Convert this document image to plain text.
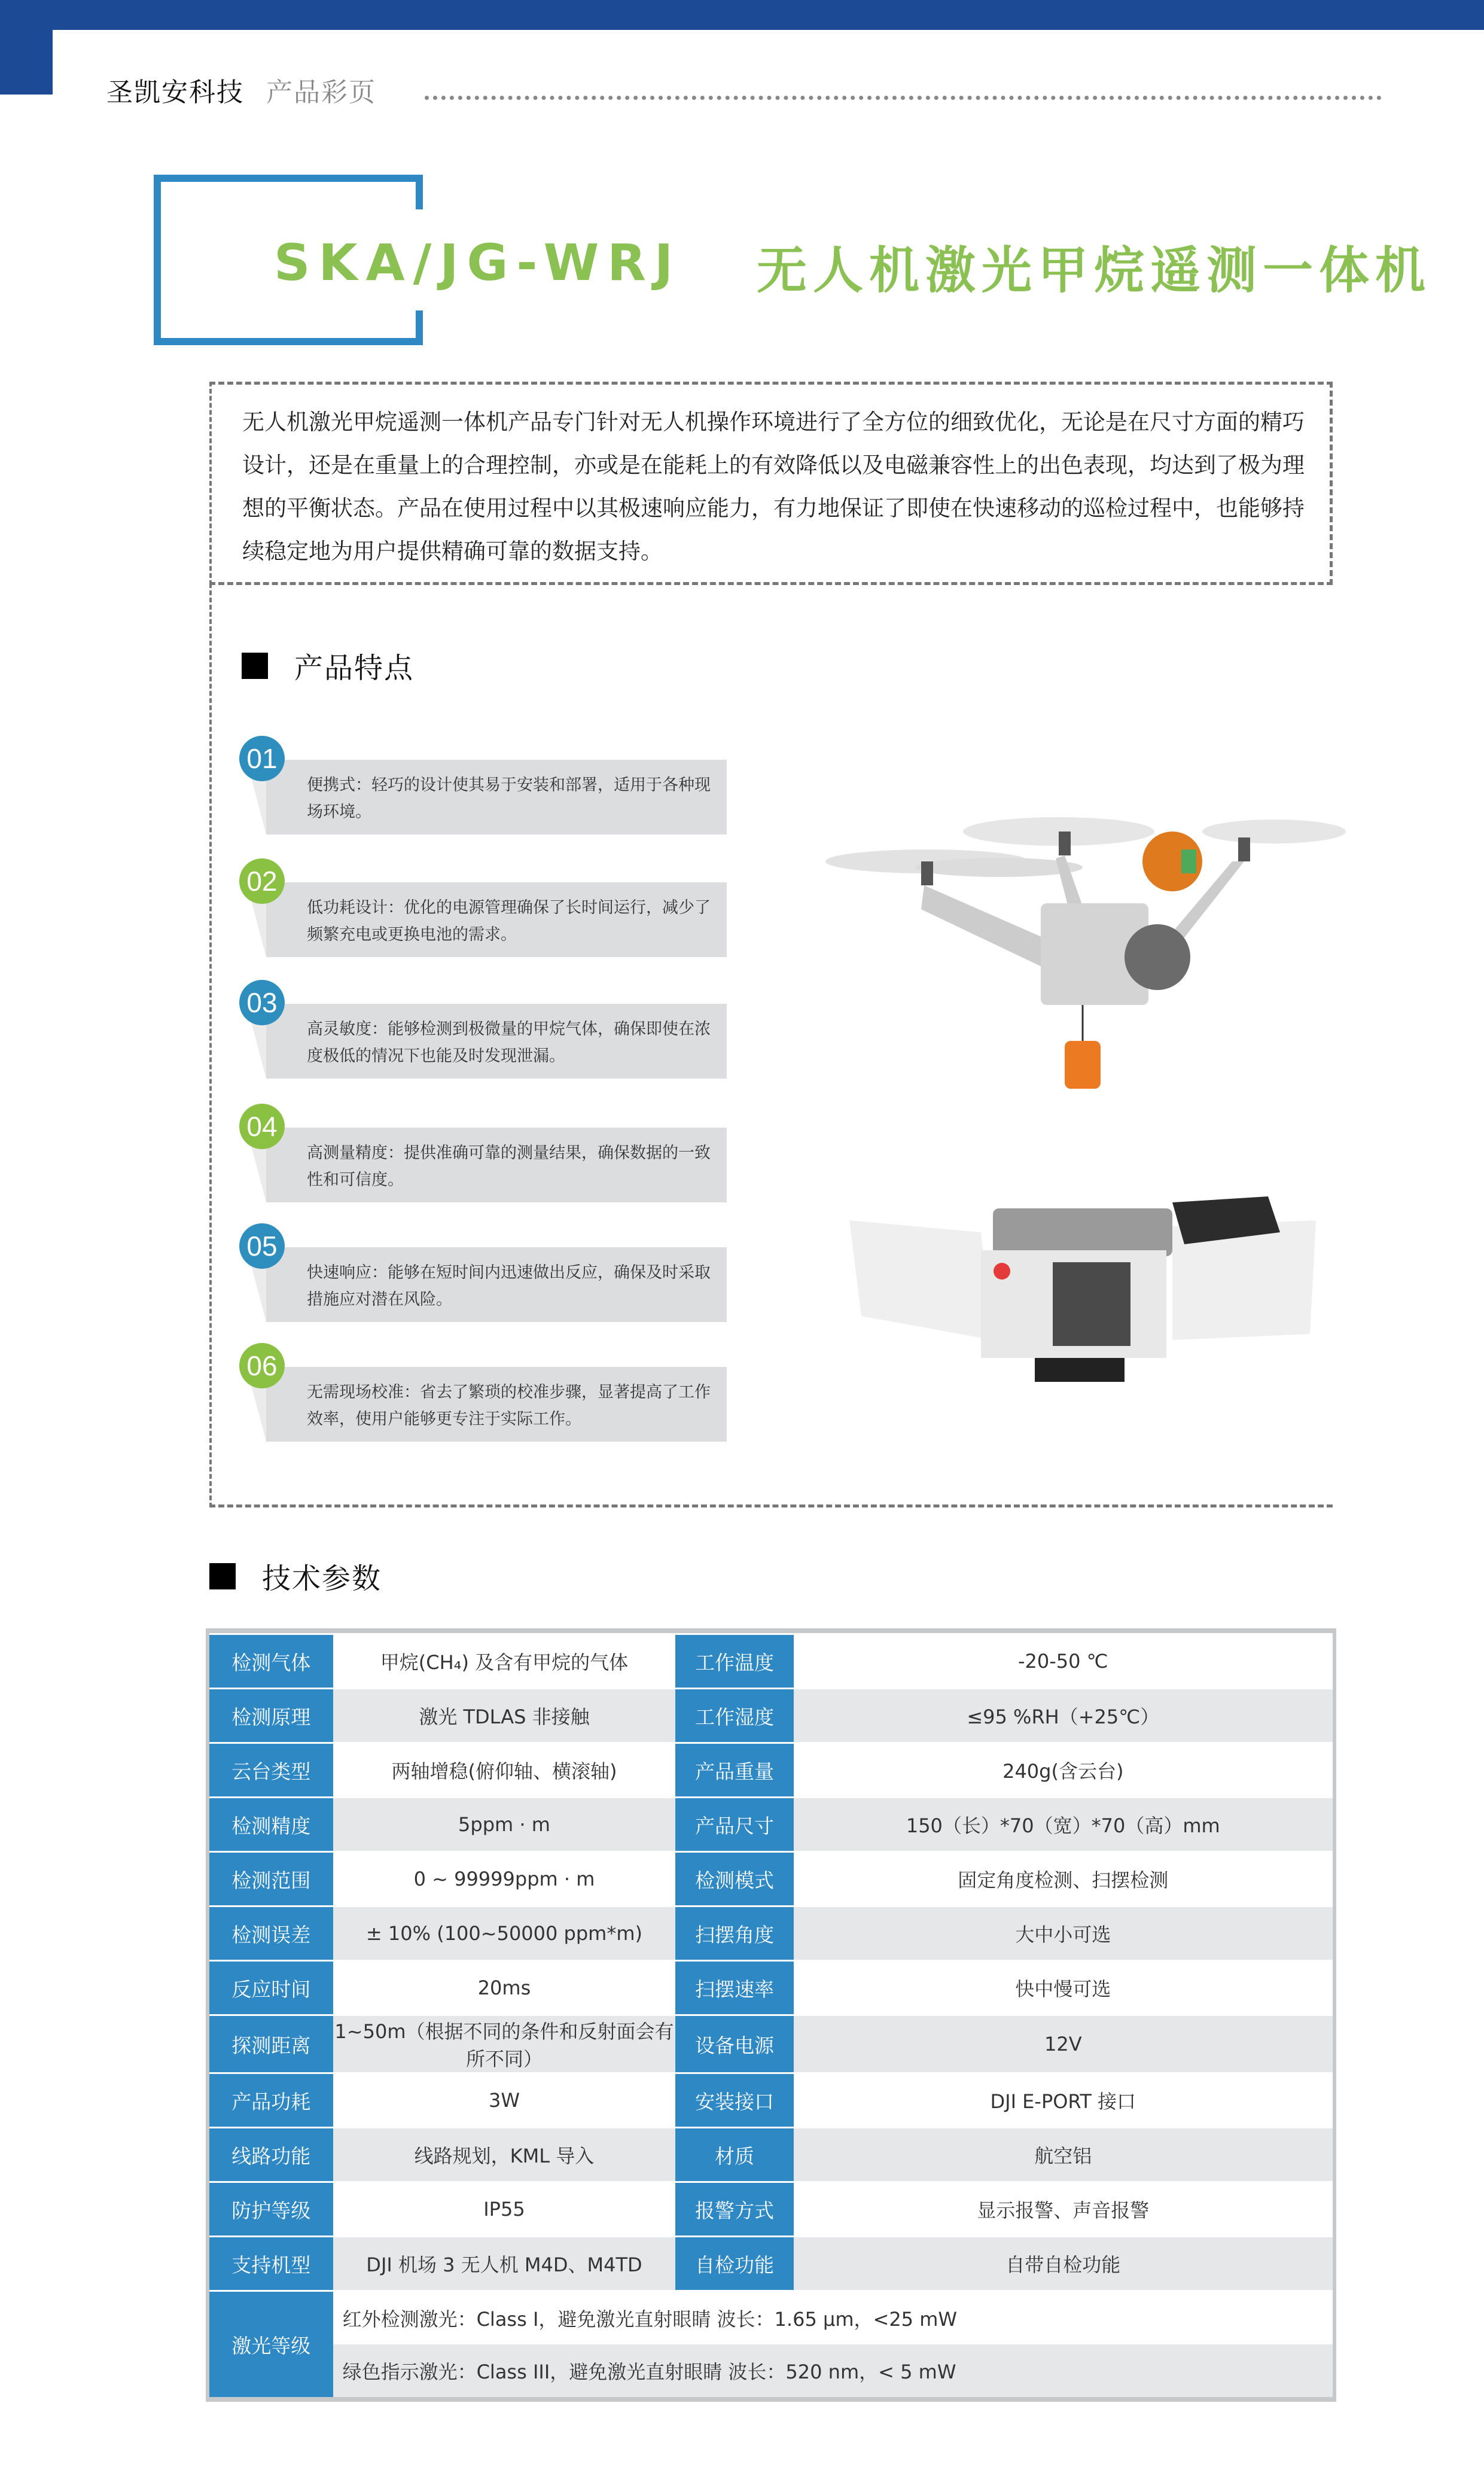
圣凯安科技 产品彩页
SKA/JG-WRJ 无人机激光甲烷遥测一体机
无人机激光甲烷遥测一体机产品专门针对无人机操作环境进行了全方位的细致优化，无论是在尺寸方面的精巧设计，还是在重量上的合理控制，亦或是在能耗上的有效降低以及电磁兼容性上的出色表现，均达到了极为理想的平衡状态。产品在使用过程中以其极速响应能力，有力地保证了即使在快速移动的巡检过程中，也能够持续稳定地为用户提供精确可靠的数据支持。
产品特点
01
便携式：轻巧的设计使其易于安装和部署，适用于各种现场环境。
02
低功耗设计：优化的电源管理确保了长时间运行，减少了频繁充电或更换电池的需求。
03
高灵敏度：能够检测到极微量的甲烷气体，确保即使在浓度极低的情况下也能及时发现泄漏。
04
高测量精度：提供准确可靠的测量结果，确保数据的一致性和可信度。
05
快速响应：能够在短时间内迅速做出反应，确保及时采取措施应对潜在风险。
06
无需现场校准：省去了繁琐的校准步骤，显著提高了工作效率，使用户能够更专注于实际工作。
技术参数
检测气体	甲烷(CH₄) 及含有甲烷的气体	工作温度	-20-50 ℃
检测原理	激光 TDLAS 非接触	工作湿度	≤95 %RH（+25℃）
云台类型	两轴增稳(俯仰轴、横滚轴)	产品重量	240g(含云台)
检测精度	5ppm · m	产品尺寸	150（长）*70（宽）*70（高）mm
检测范围	0 ~ 99999ppm · m	检测模式	固定角度检测、扫摆检测
检测误差	± 10% (100~50000 ppm*m)	扫摆角度	大中小可选
反应时间	20ms	扫摆速率	快中慢可选
探测距离	1~50m（根据不同的条件和反射面会有所不同）	设备电源	12V
产品功耗	3W	安装接口	DJI E-PORT 接口
线路功能	线路规划，KML 导入	材质	航空铝
防护等级	IP55	报警方式	显示报警、声音报警
支持机型	DJI 机场 3 无人机 M4D、M4TD	自检功能	自带自检功能
激光等级	红外检测激光：Class I，避免激光直射眼睛 波长：1.65 μm，<25 mW		
	绿色指示激光：Class III，避免激光直射眼睛 波长：520 nm，< 5 mW		
